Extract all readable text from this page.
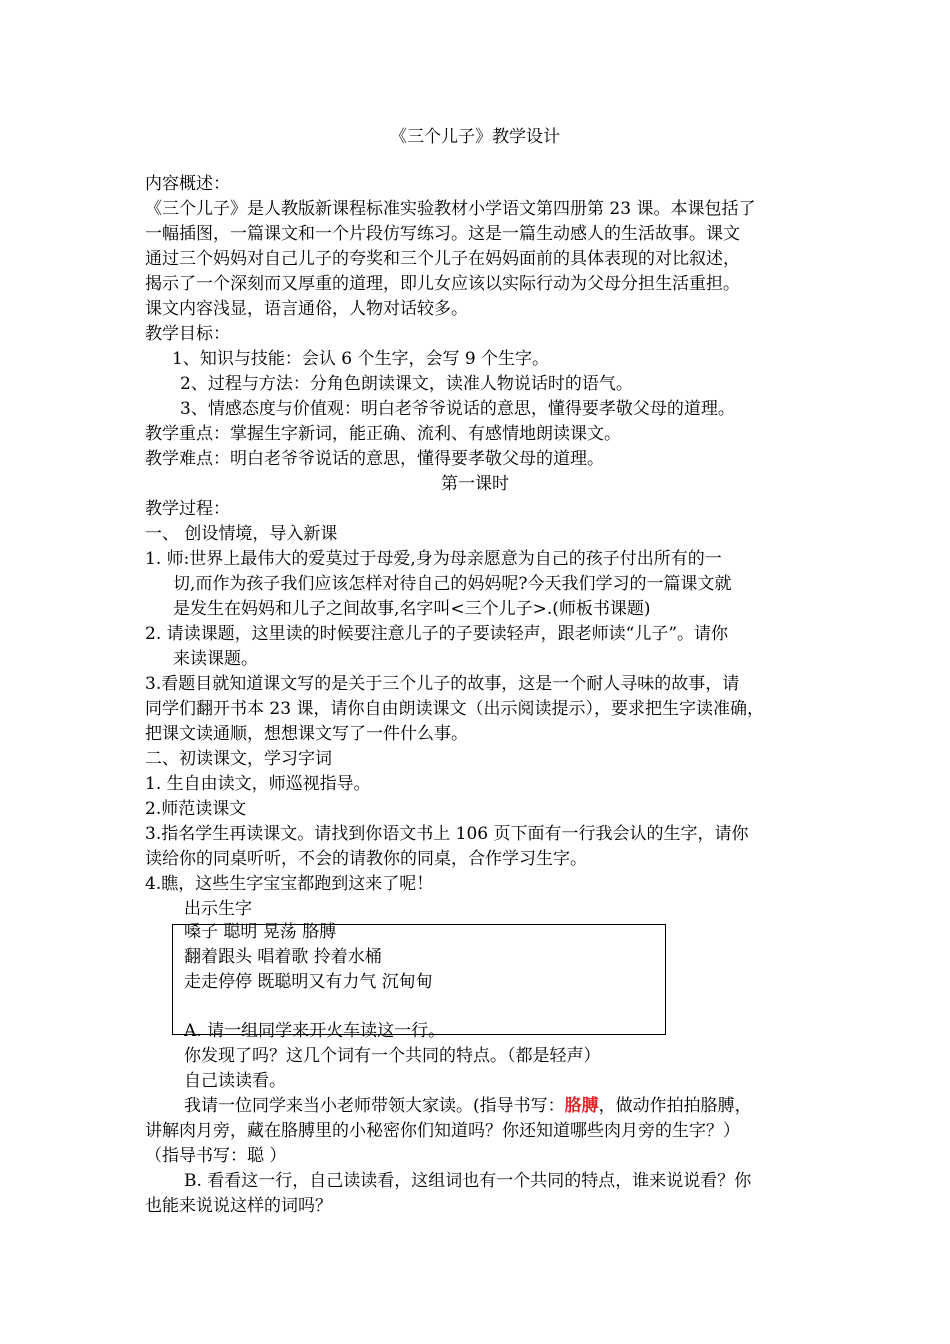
《三个儿子》教学设计
内容概述：
《三个儿子》是人教版新课程标准实验教材小学语文第四册第 23 课。本课包括了
一幅插图，一篇课文和一个片段仿写练习。这是一篇生动感人的生活故事。课文
通过三个妈妈对自己儿子的夸奖和三个儿子在妈妈面前的具体表现的对比叙述，
揭示了一个深刻而又厚重的道理，即儿女应该以实际行动为父母分担生活重担。
课文内容浅显，语言通俗，人物对话较多。
教学目标：
1、知识与技能：会认 6 个生字，会写 9 个生字。
2、过程与方法：分角色朗读课文，读准人物说话时的语气。
3、情感态度与价值观：明白老爷爷说话的意思，懂得要孝敬父母的道理。
教学重点：掌握生字新词，能正确、流利、有感情地朗读课文。
教学难点：明白老爷爷说话的意思，懂得要孝敬父母的道理。
第一课时
教学过程：
一、 创设情境，导入新课
1. 师:世界上最伟大的爱莫过于母爱,身为母亲愿意为自己的孩子付出所有的一
切,而作为孩子我们应该怎样对待自己的妈妈呢?今天我们学习的一篇课文就
是发生在妈妈和儿子之间故事,名字叫<三个儿子>.(师板书课题)
2. 请读课题，这里读的时候要注意儿子的子要读轻声，跟老师读“儿子”。请你
来读课题。
3.看题目就知道课文写的是关于三个儿子的故事，这是一个耐人寻味的故事，请
同学们翻开书本 23 课，请你自由朗读课文（出示阅读提示），要求把生字读准确，
把课文读通顺，想想课文写了一件什么事。
二、初读课文，学习字词
1. 生自由读文，师巡视指导。
2.师范读课文
3.指名学生再读课文。请找到你语文书上 106 页下面有一行我会认的生字，请你
读给你的同桌听听，不会的请教你的同桌，合作学习生字。
4.瞧，这些生字宝宝都跑到这来了呢！
出示生字
嗓子 聪明 晃荡 胳膊
翻着跟头 唱着歌 拎着水桶
走走停停 既聪明又有力气 沉甸甸
A. 请一组同学来开火车读这一行。
你发现了吗？这几个词有一个共同的特点。（都是轻声）
自己读读看。
我请一位同学来当小老师带领大家读。(指导书写：胳膊，做动作拍拍胳膊，
讲解肉月旁，藏在胳膊里的小秘密你们知道吗？你还知道哪些肉月旁的生字？）
（指导书写：聪 ）
B. 看看这一行，自己读读看，这组词也有一个共同的特点，谁来说说看？你
也能来说说这样的词吗？
